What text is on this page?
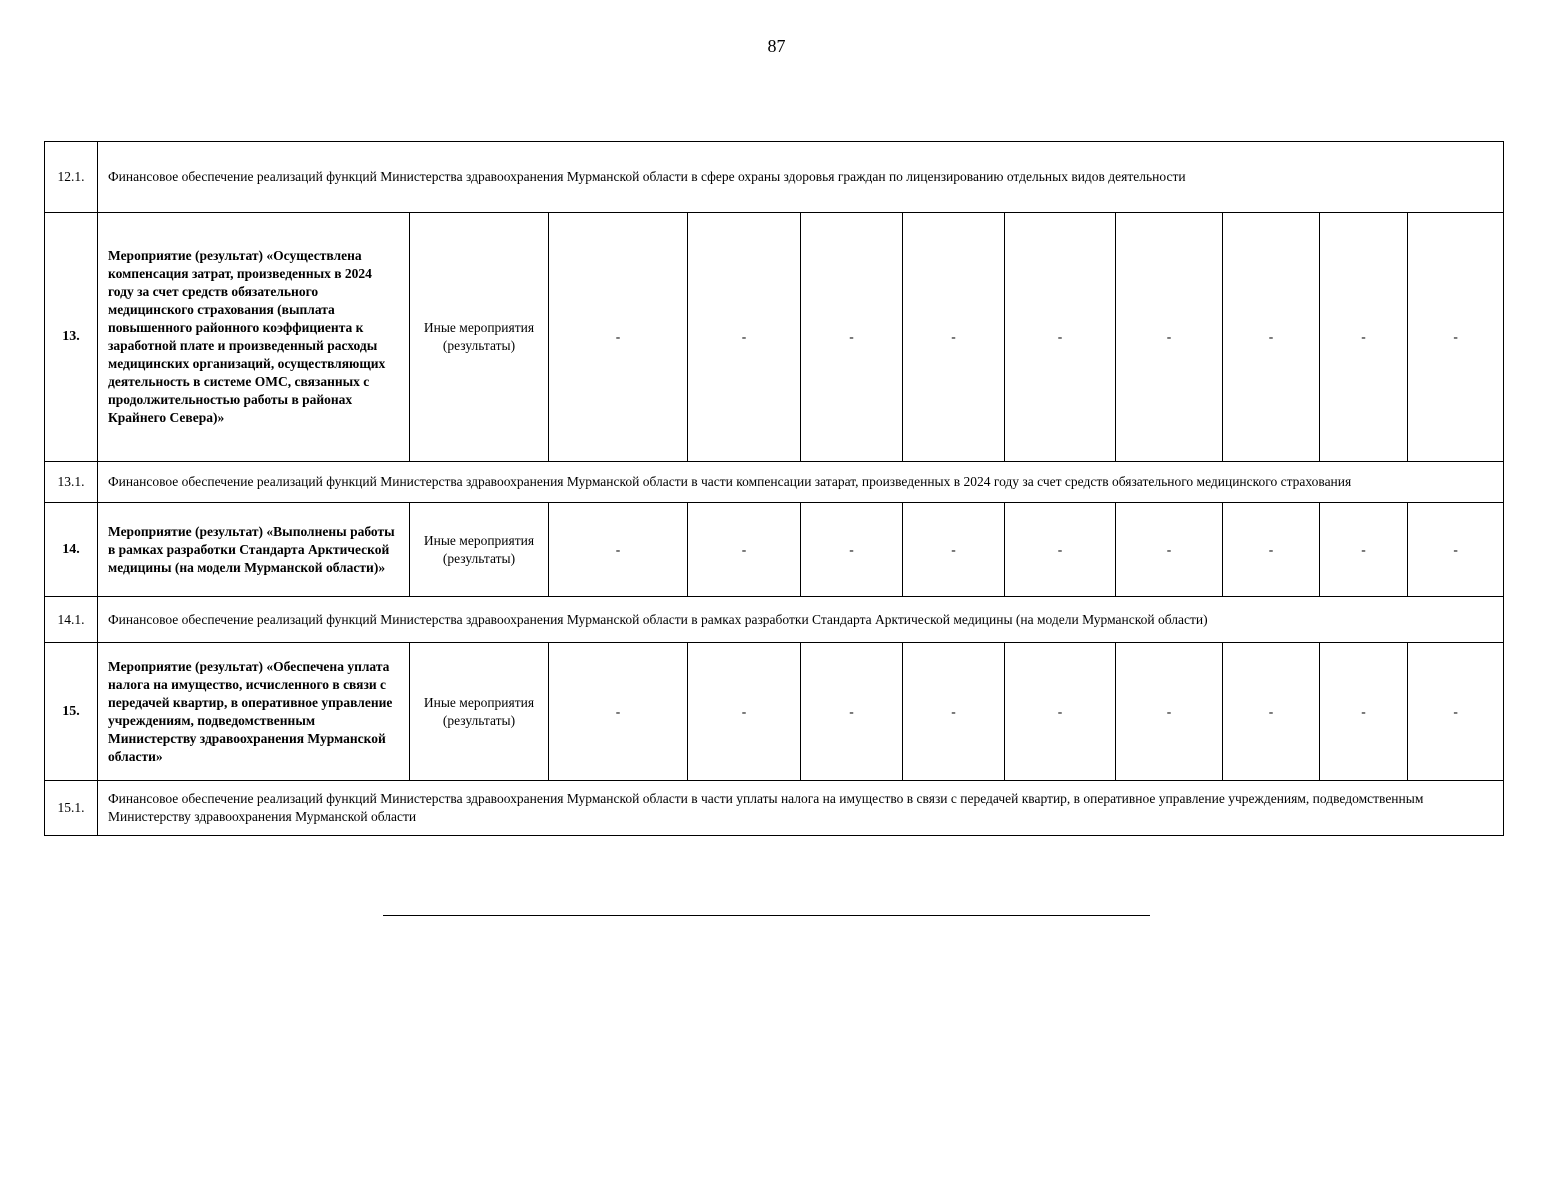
87
12.1.	Финансовое обеспечение реализаций функций Министерства здравоохранения Мурманской области в сфере охраны здоровья граждан по лицензированию отдельных видов деятельности										
13.	Мероприятие (результат) «Осуществлена компенсация затрат, произведенных в 2024 году за счет средств обязательного медицинского страхования (выплата повышенного районного коэффициента к заработной плате и произведенный расходы медицинских организаций, осуществляющих деятельность в системе ОМС, связанных с продолжительностью работы в районах Крайнего Севера)»	Иные мероприятия (результаты)	-	-	-	-	-	-	-	-	-
13.1.	Финансовое обеспечение реализаций функций Министерства здравоохранения Мурманской области в части компенсации затарат, произведенных в 2024 году за счет средств обязательного медицинского страхования										
14.	Мероприятие (результат) «Выполнены работы в рамках разработки Стандарта Арктической медицины (на модели Мурманской области)»	Иные мероприятия (результаты)	-	-	-	-	-	-	-	-	-
14.1.	Финансовое обеспечение реализаций функций Министерства здравоохранения Мурманской области в рамках разработки Стандарта Арктической медицины (на модели Мурманской области)										
15.	Мероприятие (результат) «Обеспечена уплата налога на имущество, исчисленного в связи с передачей квартир, в оперативное управление учреждениям, подведомственным Министерству здравоохранения Мурманской области»	Иные мероприятия (результаты)	-	-	-	-	-	-	-	-	-
15.1.	Финансовое обеспечение реализаций функций Министерства здравоохранения Мурманской области в части уплаты налога на имущество в связи с передачей квартир, в оперативное управление учреждениям, подведомственным Министерству здравоохранения Мурманской области										
